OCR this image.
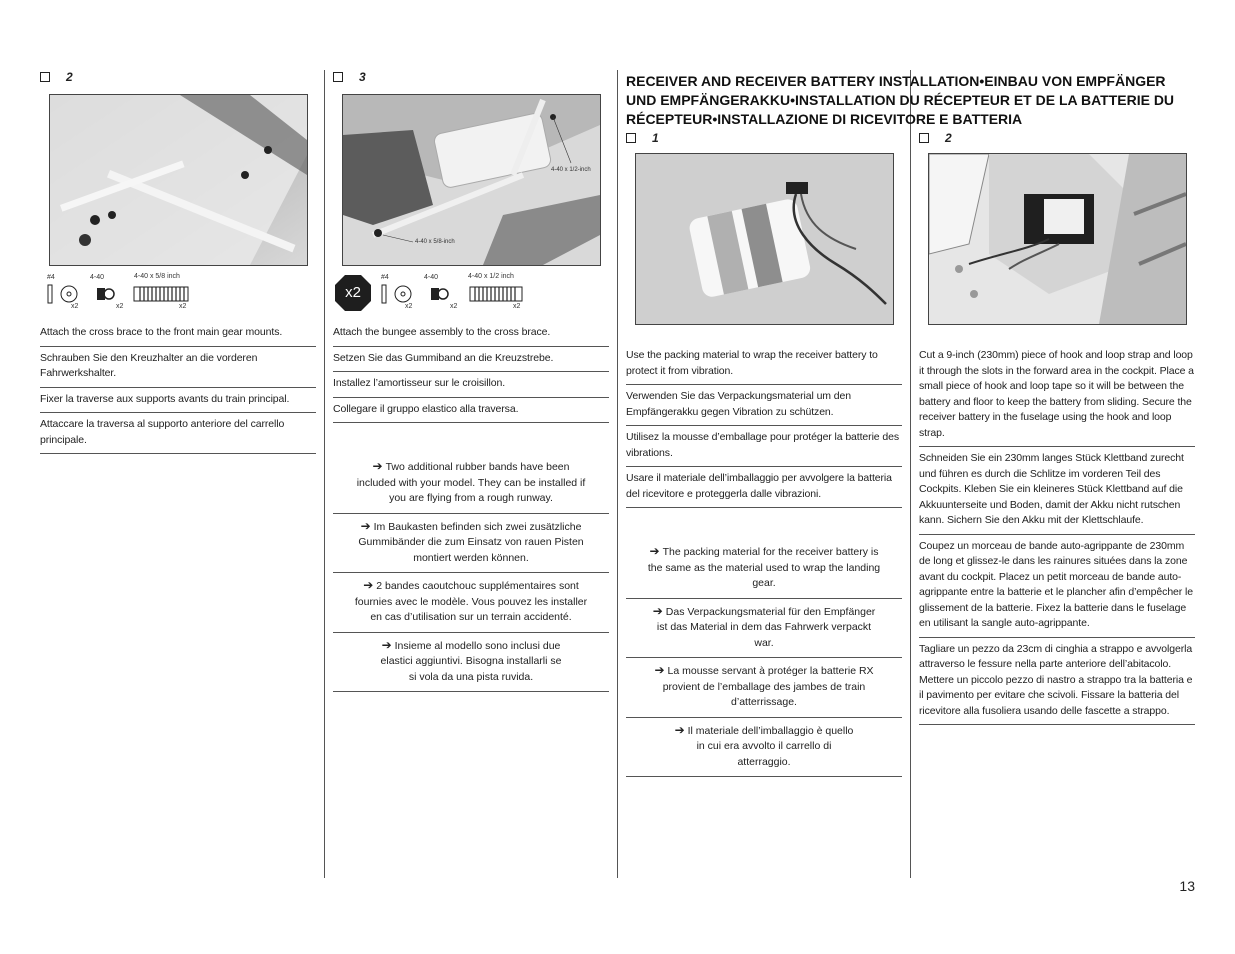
2
#4	4-40	4-40 x 5/8 inch
x2	x2	x2
Attach the cross brace to the front main gear mounts.
Schrauben Sie den Kreuzhalter an die vorderen Fahrwerkshalter.
Fixer la traverse aux supports avants du train principal.
Attaccare la traversa al supporto anteriore del carrello principale.
3
4-40 x 1/2-inch
4-40 x 5/8-inch
x2
#4	4-40	4-40 x 1/2 inch
x2	x2	x2
Attach the bungee assembly to the cross brace.
Setzen Sie das Gummiband an die Kreuzstrebe.
Installez l’amortisseur sur le croisillon.
Collegare il gruppo elastico alla traversa.
➔ Two additional rubber bands have been included with your model. They can be installed if you are flying from a rough runway.
➔ Im Baukasten befinden sich zwei zusätzliche Gummibänder die zum Einsatz von rauen Pisten montiert werden können.
➔ 2 bandes caoutchouc supplémentaires sont fournies avec le modèle. Vous pouvez les installer en cas d’utilisation sur un terrain accidenté.
➔ Insieme al modello sono inclusi due elastici aggiuntivi. Bisogna installarli se si vola da una pista ruvida.
RECEIVER AND RECEIVER BATTERY INSTALLATION•EINBAU VON EMPFÄNGER UND EMPFÄNGERAKKU•INSTALLATION DU RÉCEPTEUR ET DE LA BATTERIE DU RÉCEPTEUR•INSTALLAZIONE DI RICEVITORE E BATTERIA
1
Use the packing material to wrap the receiver battery to protect it from vibration.
Verwenden Sie das Verpackungsmaterial um den Empfängerakku gegen Vibration zu schützen.
Utilisez la mousse d’emballage pour protéger la batterie des vibrations.
Usare il materiale dell’imballaggio per avvolgere la batteria del ricevitore e proteggerla dalle vibrazioni.
➔ The packing material for the receiver battery is the same as the material used to wrap the landing gear.
➔ Das Verpackungsmaterial für den Empfänger ist das Material in dem das Fahrwerk verpackt war.
➔ La mousse servant à protéger la batterie RX provient de l’emballage des jambes de train d’atterrissage.
➔ Il materiale dell’imballaggio è quello in cui era avvolto il carrello di atterraggio.
2
Cut a 9-inch (230mm) piece of hook and loop strap and loop it through the slots in the forward area in the cockpit. Place a small piece of hook and loop tape so it will be between the battery and floor to keep the battery from sliding. Secure the receiver battery in the fuselage using the hook and loop strap.
Schneiden Sie ein 230mm langes Stück Klettband zurecht und führen es durch die Schlitze im vorderen Teil des Cockpits. Kleben Sie ein kleineres Stück Klettband auf die Akkuunterseite und Boden, damit der Akku nicht rutschen kann. Sichern Sie den Akku mit der Klettschlaufe.
Coupez un morceau de bande auto-agrippante de 230mm de long et glissez-le dans les rainures situées dans la zone avant du cockpit. Placez un petit morceau de bande auto-agrippante entre la batterie et le plancher afin d’empêcher le glissement de la batterie. Fixez la batterie dans le fuselage en utilisant la sangle auto-agrippante.
Tagliare un pezzo da 23cm di cinghia a strappo e avvolgerla attraverso le fessure nella parte anteriore dell’abitacolo. Mettere un piccolo pezzo di nastro a strappo tra la batteria e il pavimento per evitare che scivoli. Fissare la batteria del ricevitore alla fusoliera usando delle fascette a strappo.
13
